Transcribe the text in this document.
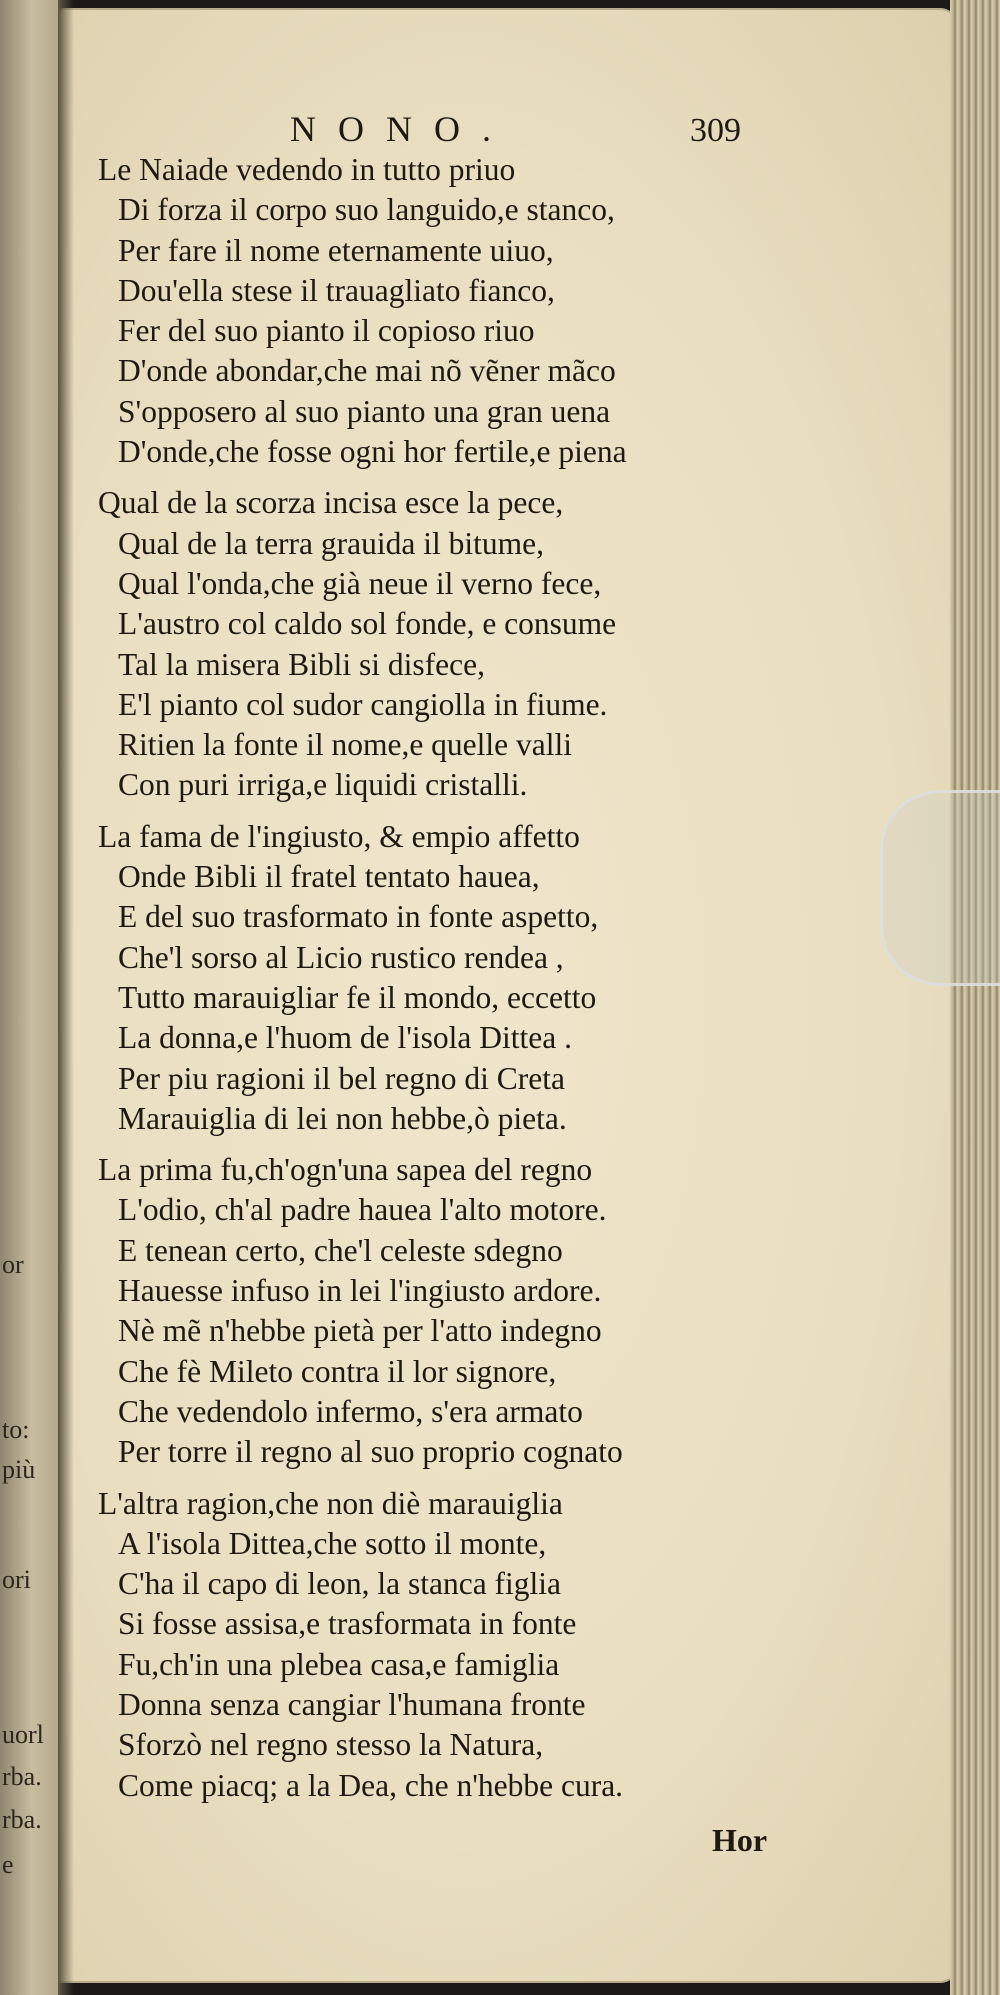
or
to:
più
ori
uorl
rba.
rba.
e
NONO.	309
Le Naiade vedendo in tutto priuo
Di forza il corpo suo languido,e stanco,
Per fare il nome eternamente uiuo,
Dou'ella stese il trauagliato fianco,
Fer del suo pianto il copioso riuo
D'onde abondar,che mai nõ vẽner mãco
S'opposero al suo pianto una gran uena
D'onde,che fosse ogni hor fertile,e piena
Qual de la scorza incisa esce la pece,
Qual de la terra grauida il bitume,
Qual l'onda,che già neue il verno fece,
L'austro col caldo sol fonde, e consume
Tal la misera Bibli si disfece,
E'l pianto col sudor cangiolla in fiume.
Ritien la fonte il nome,e quelle valli
Con puri irriga,e liquidi cristalli.
La fama de l'ingiusto, & empio affetto
Onde Bibli il fratel tentato hauea,
E del suo trasformato in fonte aspetto,
Che'l sorso al Licio rustico rendea ,
Tutto marauigliar fe il mondo, eccetto
La donna,e l'huom de l'isola Dittea .
Per piu ragioni il bel regno di Creta
Marauiglia di lei non hebbe,ò pieta.
La prima fu,ch'ogn'una sapea del regno
L'odio, ch'al padre hauea l'alto motore.
E tenean certo, che'l celeste sdegno
Hauesse infuso in lei l'ingiusto ardore.
Nè mẽ n'hebbe pietà per l'atto indegno
Che fè Mileto contra il lor signore,
Che vedendolo infermo, s'era armato
Per torre il regno al suo proprio cognato
L'altra ragion,che non diè marauiglia
A l'isola Dittea,che sotto il monte,
C'ha il capo di leon, la stanca figlia
Si fosse assisa,e trasformata in fonte
Fu,ch'in una plebea casa,e famiglia
Donna senza cangiar l'humana fronte
Sforzò nel regno stesso la Natura,
Come piacq; a la Dea, che n'hebbe cura.
Hor
